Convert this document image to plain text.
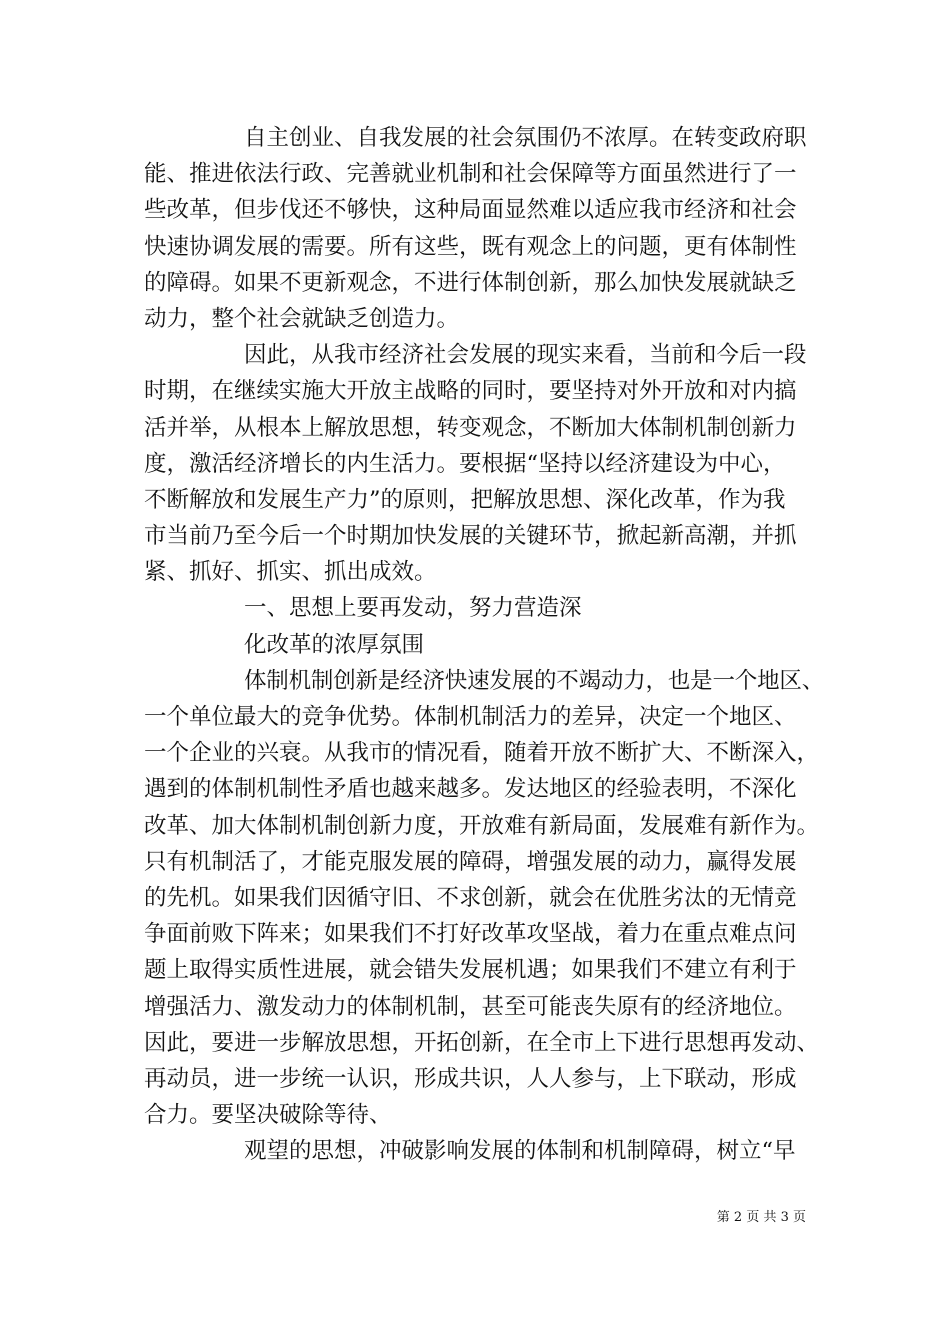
自主创业、自我发展的社会氛围仍不浓厚。在转变政府职
能、推进依法行政、完善就业机制和社会保障等方面虽然进行了一
些改革，但步伐还不够快，这种局面显然难以适应我市经济和社会
快速协调发展的需要。所有这些，既有观念上的问题，更有体制性
的障碍。如果不更新观念，不进行体制创新，那么加快发展就缺乏
动力，整个社会就缺乏创造力。
因此，从我市经济社会发展的现实来看，当前和今后一段
时期，在继续实施大开放主战略的同时，要坚持对外开放和对内搞
活并举，从根本上解放思想，转变观念，不断加大体制机制创新力
度，激活经济增长的内生活力。要根据“坚持以经济建设为中心，
不断解放和发展生产力”的原则，把解放思想、深化改革，作为我
市当前乃至今后一个时期加快发展的关键环节，掀起新高潮，并抓
紧、抓好、抓实、抓出成效。
一、思想上要再发动，努力营造深
化改革的浓厚氛围
体制机制创新是经济快速发展的不竭动力，也是一个地区、
一个单位最大的竞争优势。体制机制活力的差异，决定一个地区、
一个企业的兴衰。从我市的情况看，随着开放不断扩大、不断深入，
遇到的体制机制性矛盾也越来越多。发达地区的经验表明，不深化
改革、加大体制机制创新力度，开放难有新局面，发展难有新作为。
只有机制活了，才能克服发展的障碍，增强发展的动力，赢得发展
的先机。如果我们因循守旧、不求创新，就会在优胜劣汰的无情竞
争面前败下阵来；如果我们不打好改革攻坚战，着力在重点难点问
题上取得实质性进展，就会错失发展机遇；如果我们不建立有利于
增强活力、激发动力的体制机制，甚至可能丧失原有的经济地位。
因此，要进一步解放思想，开拓创新，在全市上下进行思想再发动、
再动员，进一步统一认识，形成共识，人人参与，上下联动，形成
合力。要坚决破除等待、
观望的思想，冲破影响发展的体制和机制障碍，树立“早
第 2 页 共 3 页
